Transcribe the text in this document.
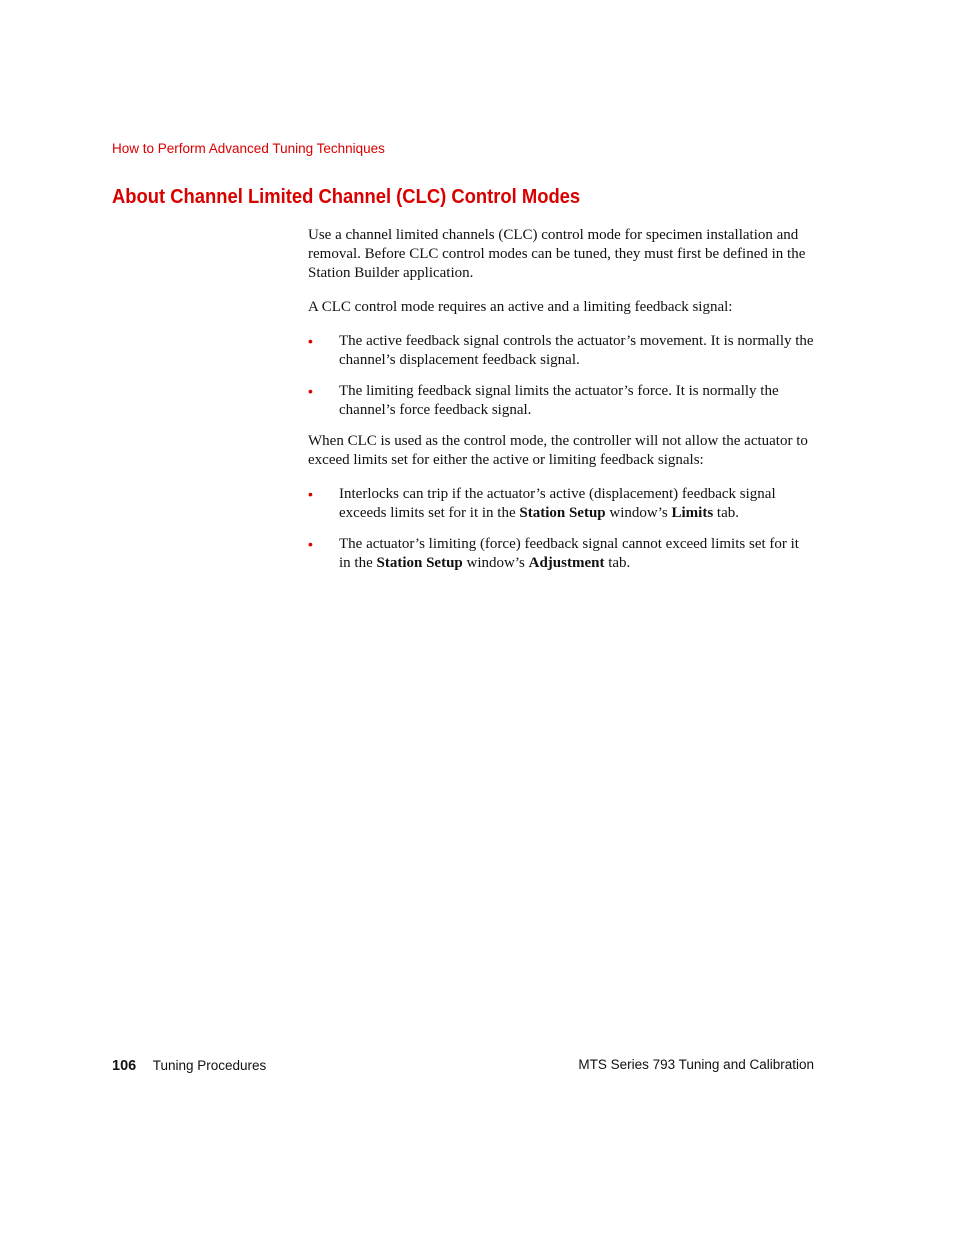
How to Perform Advanced Tuning Techniques
About Channel Limited Channel (CLC) Control Modes

Use a channel limited channels (CLC) control mode for specimen installation and removal. Before CLC control modes can be tuned, they must first be defined in the Station Builder application.

A CLC control mode requires an active and a limiting feedback signal:

• The active feedback signal controls the actuator’s movement. It is normally the channel’s displacement feedback signal.
• The limiting feedback signal limits the actuator’s force. It is normally the channel’s force feedback signal.

When CLC is used as the control mode, the controller will not allow the actuator to exceed limits set for either the active or limiting feedback signals:

• Interlocks can trip if the actuator’s active (displacement) feedback signal exceeds limits set for it in the Station Setup window’s Limits tab.
• The actuator’s limiting (force) feedback signal cannot exceed limits set for it in the Station Setup window’s Adjustment tab.
106 Tuning Procedures	MTS Series 793 Tuning and Calibration
